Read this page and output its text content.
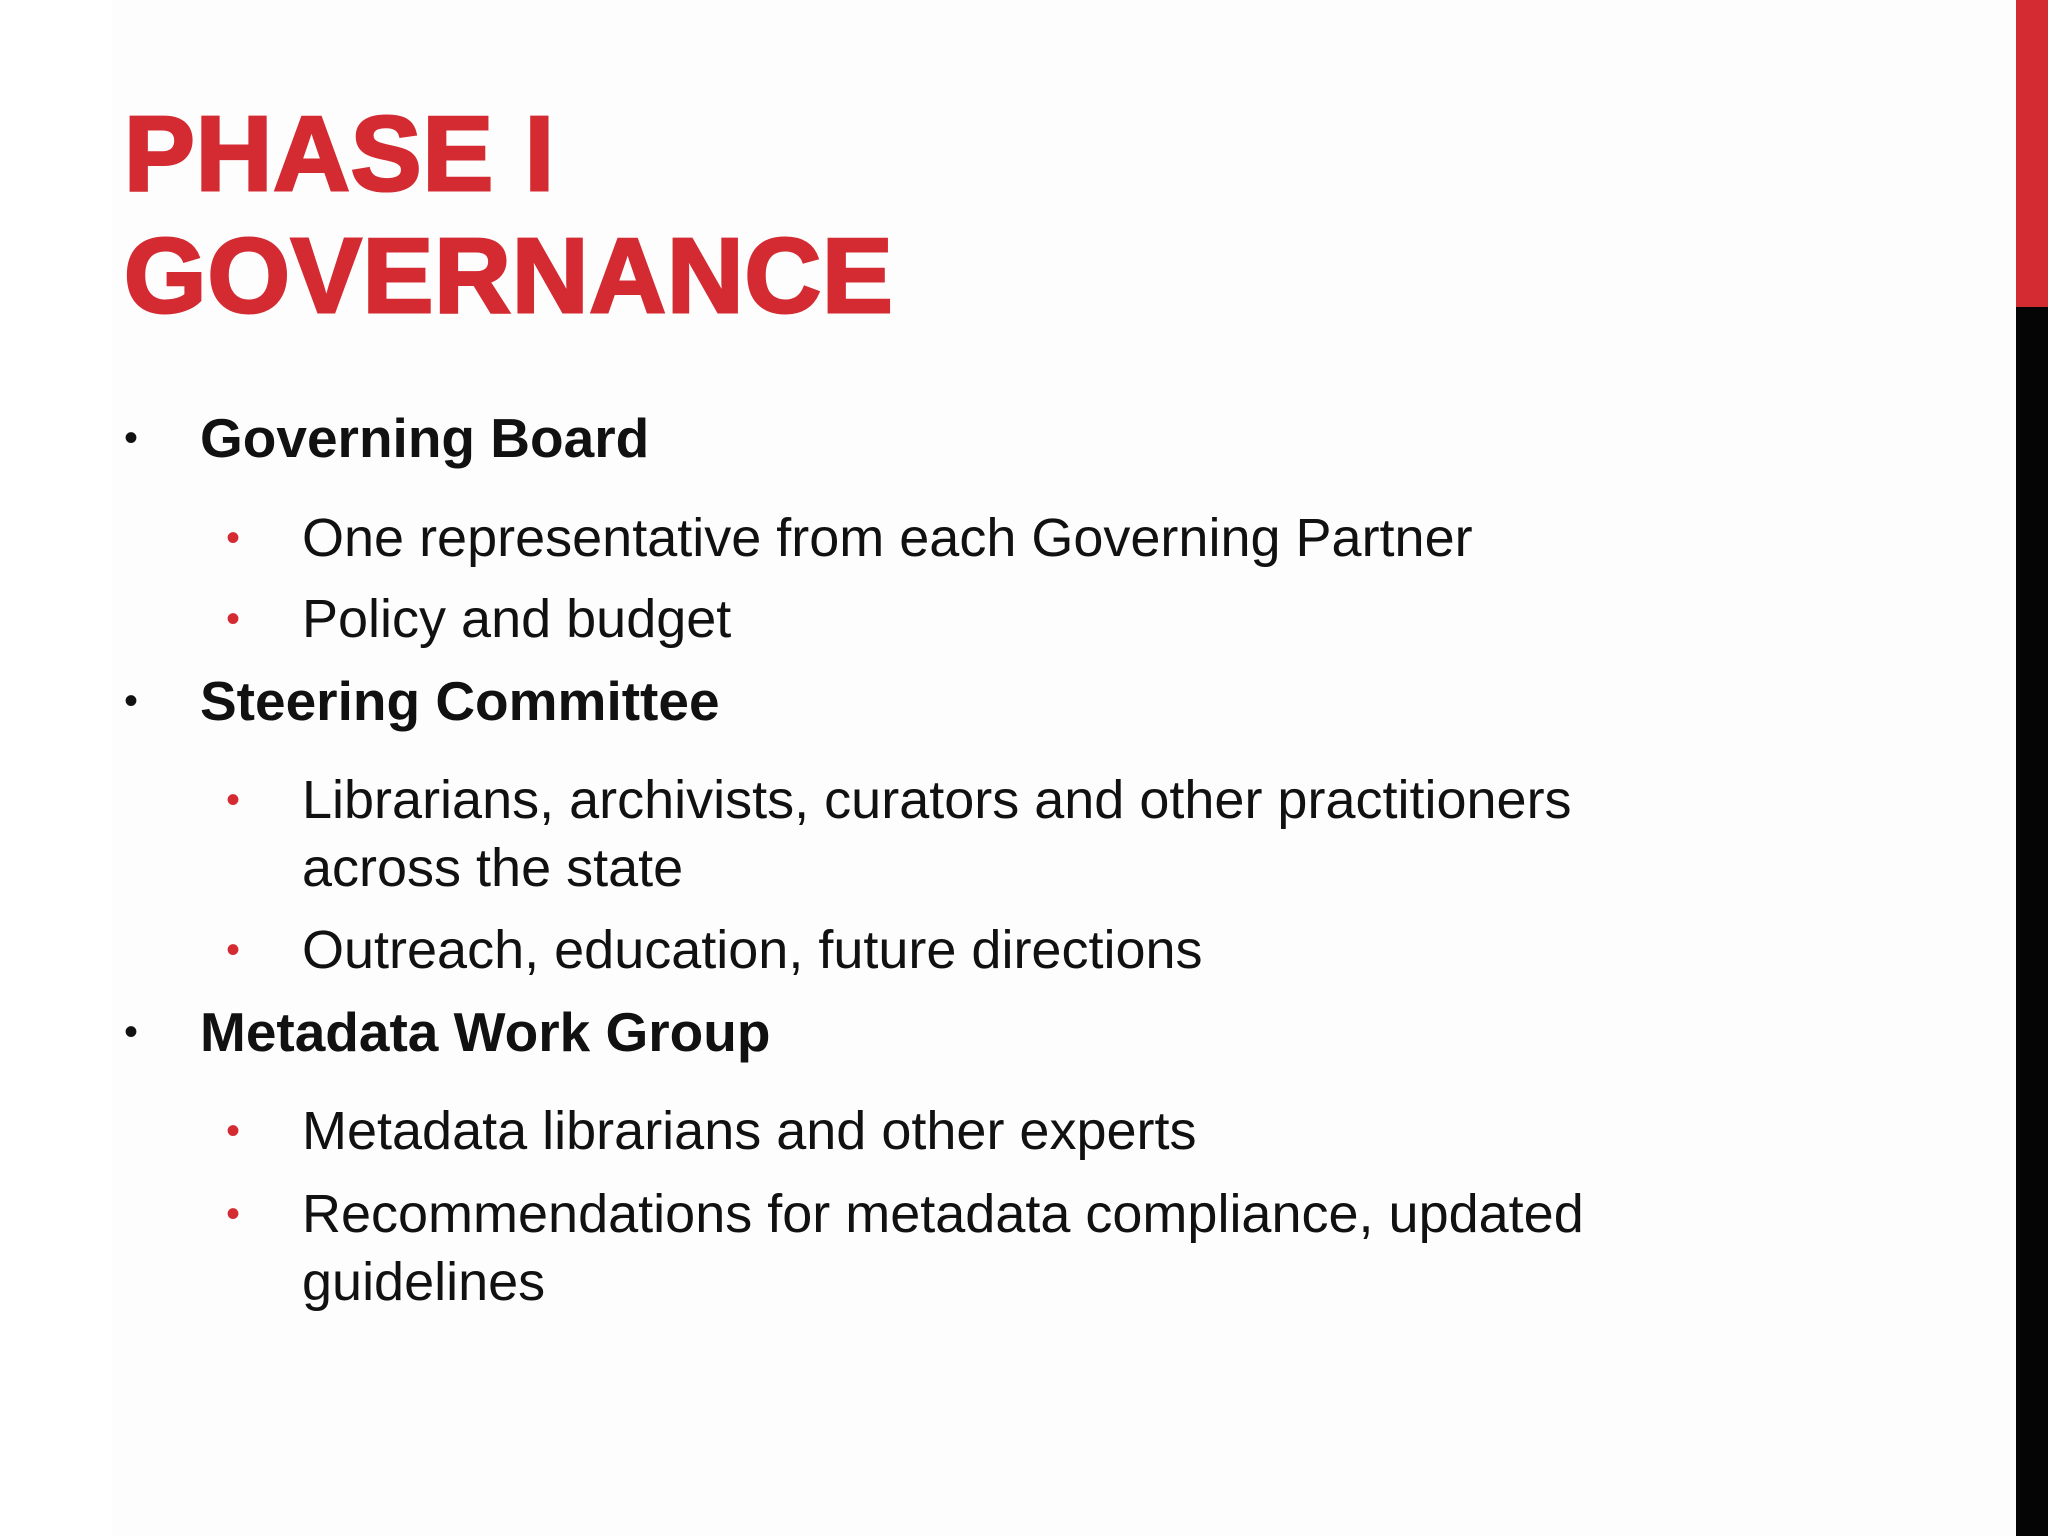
PHASE I
GOVERNANCE
• Governing Board
• One representative from each Governing Partner
• Policy and budget
• Steering Committee
• Librarians, archivists, curators and other practitioners
across the state
• Outreach, education, future directions
• Metadata Work Group
• Metadata librarians and other experts
• Recommendations for metadata compliance, updated
guidelines
